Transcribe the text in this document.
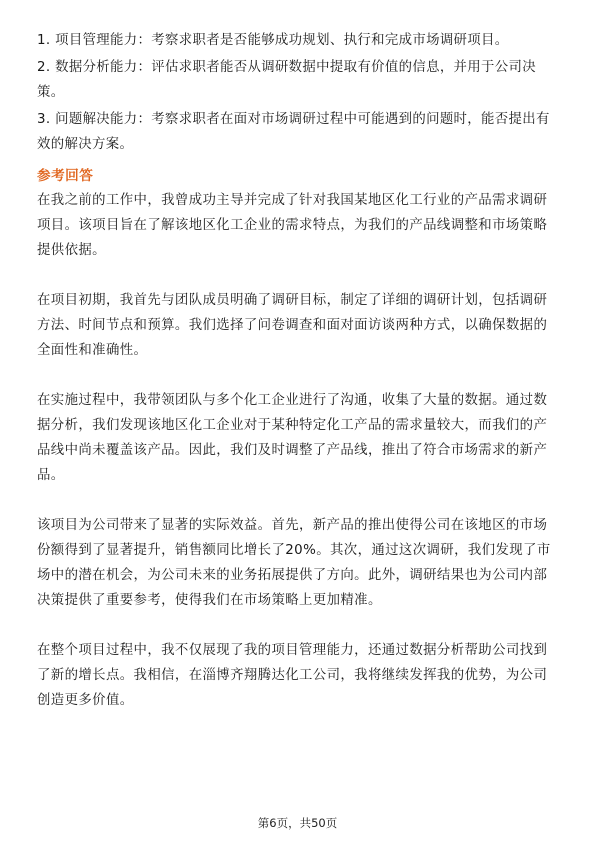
1. 项目管理能力：考察求职者是否能够成功规划、执行和完成市场调研项目。
2. 数据分析能力：评估求职者能否从调研数据中提取有价值的信息，并用于公司决策。
3. 问题解决能力：考察求职者在面对市场调研过程中可能遇到的问题时，能否提出有效的解决方案。
参考回答

在我之前的工作中，我曾成功主导并完成了针对我国某地区化工行业的产品需求调研项目。该项目旨在了解该地区化工企业的需求特点，为我们的产品线调整和市场策略提供依据。

在项目初期，我首先与团队成员明确了调研目标，制定了详细的调研计划，包括调研方法、时间节点和预算。我们选择了问卷调查和面对面访谈两种方式，以确保数据的全面性和准确性。

在实施过程中，我带领团队与多个化工企业进行了沟通，收集了大量的数据。通过数据分析，我们发现该地区化工企业对于某种特定化工产品的需求量较大，而我们的产品线中尚未覆盖该产品。因此，我们及时调整了产品线，推出了符合市场需求的新产品。

该项目为公司带来了显著的实际效益。首先，新产品的推出使得公司在该地区的市场份额得到了显著提升，销售额同比增长了20%。其次，通过这次调研，我们发现了市场中的潜在机会，为公司未来的业务拓展提供了方向。此外，调研结果也为公司内部决策提供了重要参考，使得我们在市场策略上更加精准。

在整个项目过程中，我不仅展现了我的项目管理能力，还通过数据分析帮助公司找到了新的增长点。我相信，在淄博齐翔腾达化工公司，我将继续发挥我的优势，为公司创造更多价值。

第6页，共50页
